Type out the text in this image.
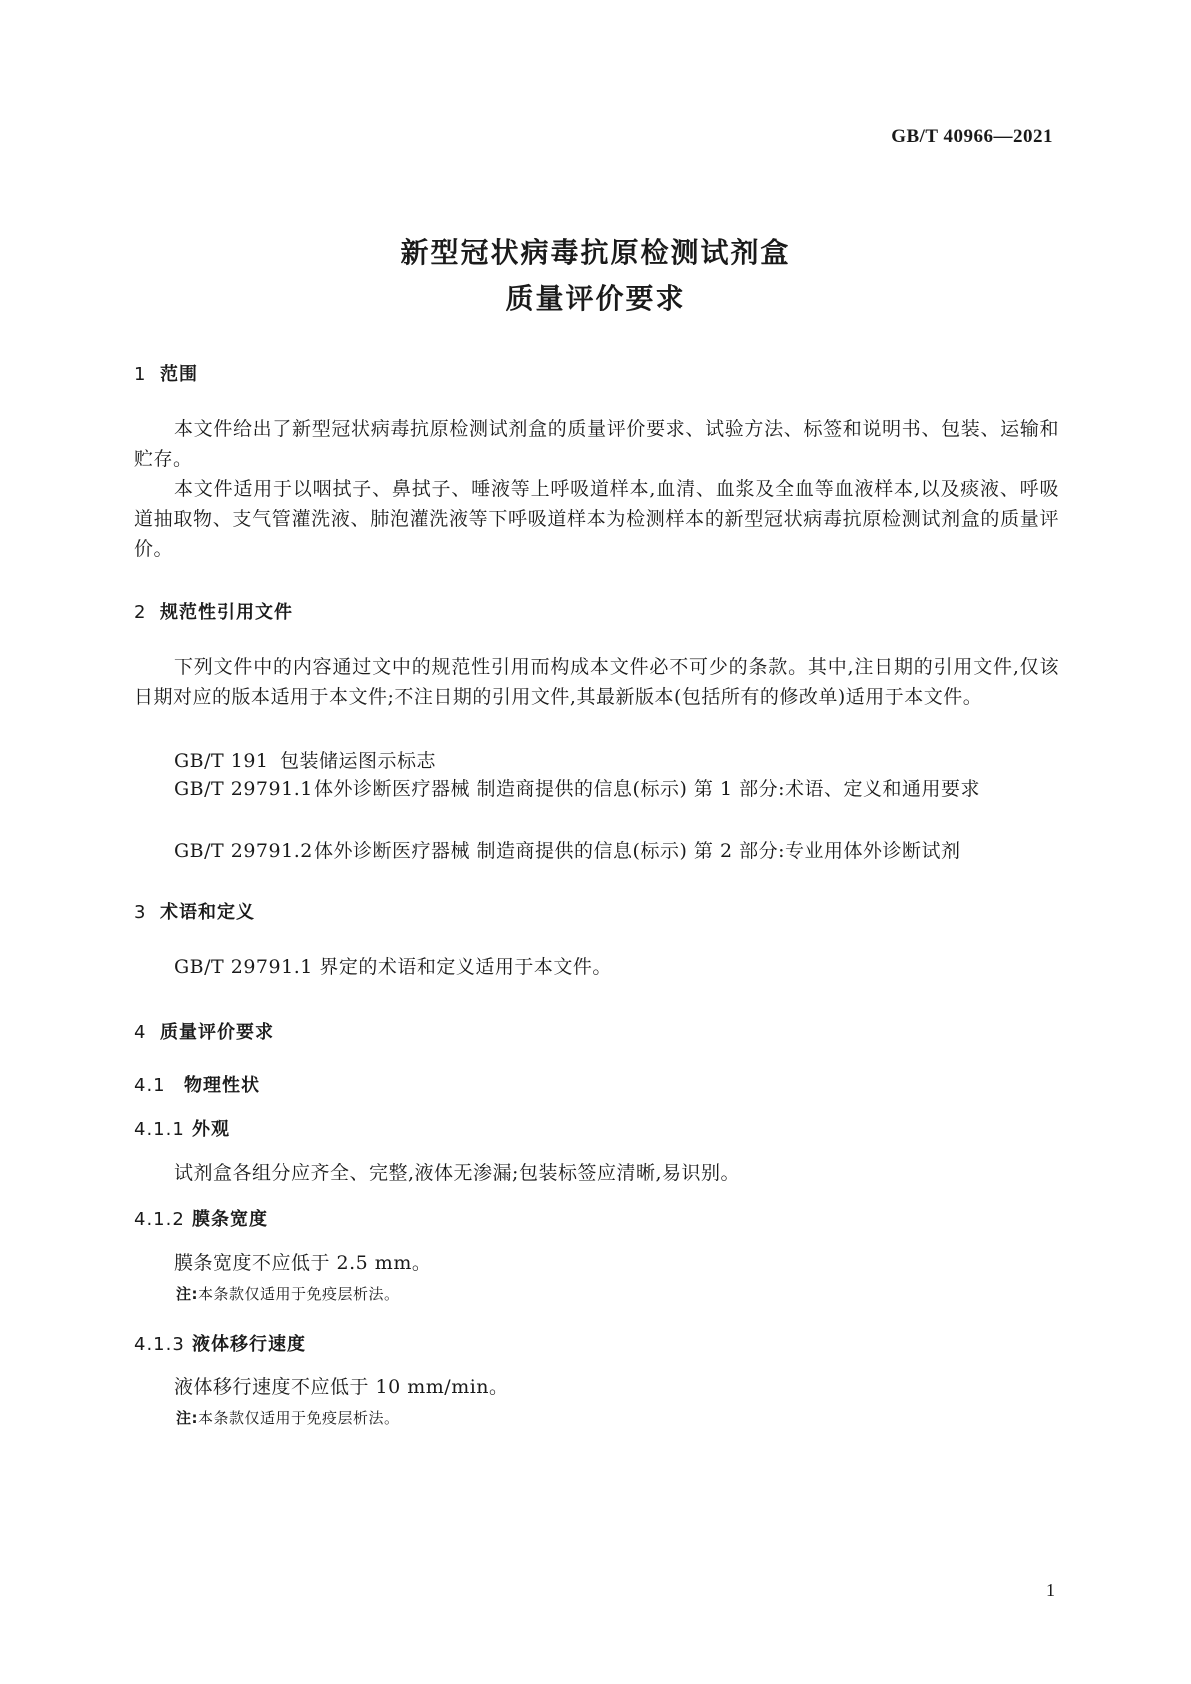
GB/T 40966—2021
新型冠状病毒抗原检测试剂盒
质量评价要求
1 范围
本文件给出了新型冠状病毒抗原检测试剂盒的质量评价要求、试验方法、标签和说明书、包装、运输和贮存。
本文件适用于以咽拭子、鼻拭子、唾液等上呼吸道样本,血清、血浆及全血等血液样本,以及痰液、呼吸道抽取物、支气管灌洗液、肺泡灌洗液等下呼吸道样本为检测样本的新型冠状病毒抗原检测试剂盒的质量评价。
2 规范性引用文件
下列文件中的内容通过文中的规范性引用而构成本文件必不可少的条款。其中,注日期的引用文件,仅该日期对应的版本适用于本文件;不注日期的引用文件,其最新版本(包括所有的修改单)适用于本文件。
GB/T 191 包装储运图示标志
GB/T 29791.1体外诊断医疗器械 制造商提供的信息(标示) 第 1 部分:术语、定义和通用要求
GB/T 29791.2体外诊断医疗器械 制造商提供的信息(标示) 第 2 部分:专业用体外诊断试剂
3 术语和定义
GB/T 29791.1 界定的术语和定义适用于本文件。
4 质量评价要求
4.1 物理性状
4.1.1 外观
试剂盒各组分应齐全、完整,液体无渗漏;包装标签应清晰,易识别。
4.1.2 膜条宽度
膜条宽度不应低于 2.5 mm。
注:本条款仅适用于免疫层析法。
4.1.3 液体移行速度
液体移行速度不应低于 10 mm/min。
注:本条款仅适用于免疫层析法。
1
